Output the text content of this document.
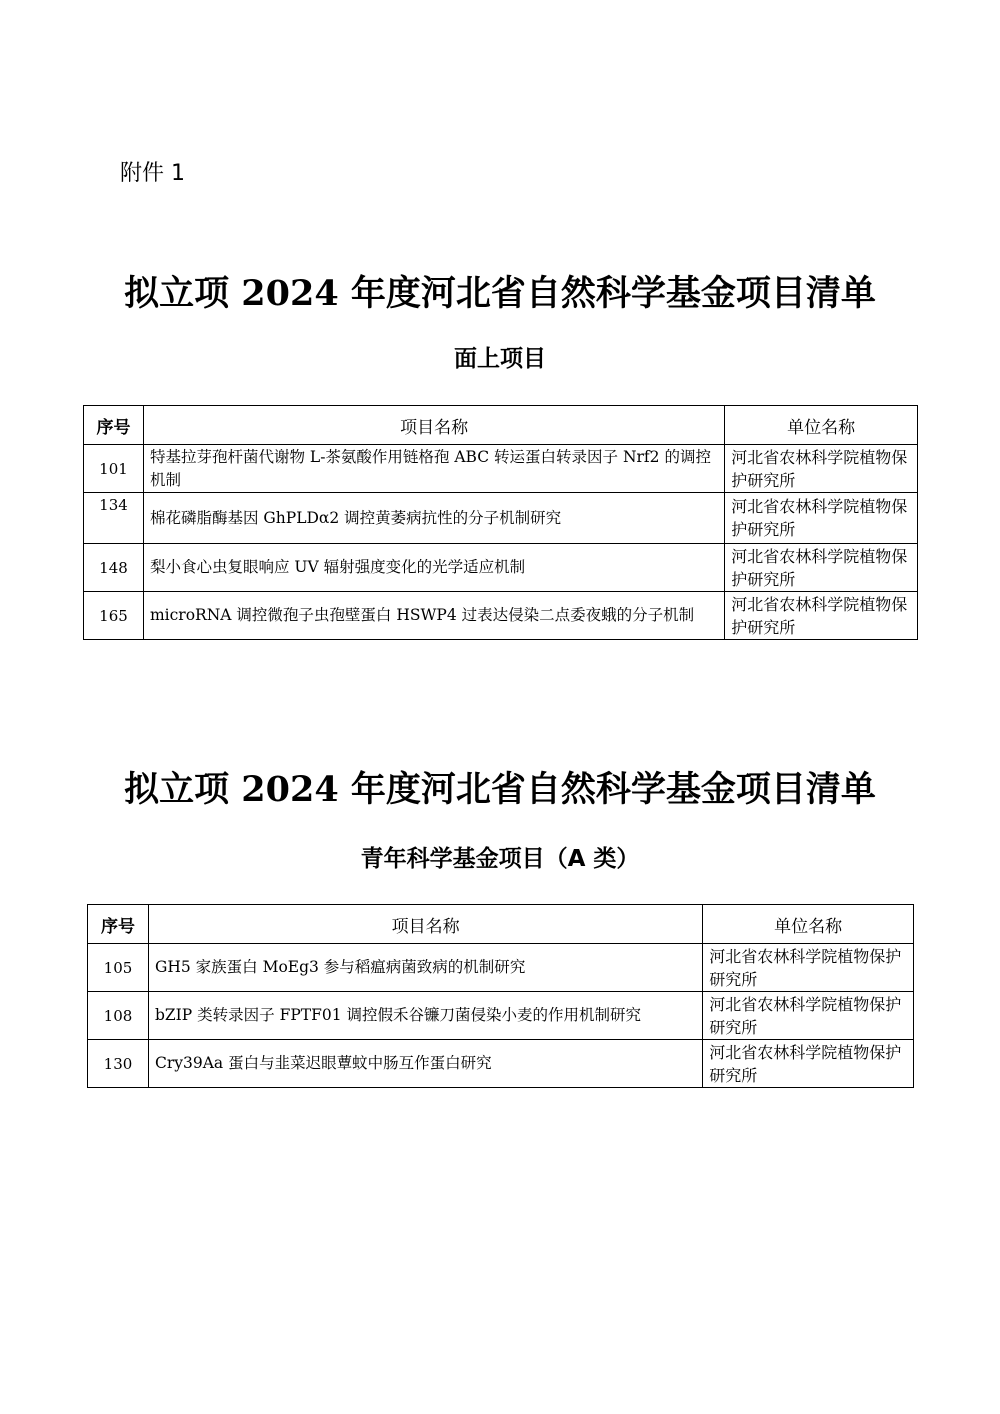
附件 1
拟立项 2024 年度河北省自然科学基金项目清单
面上项目
序号	项目名称	单位名称
101	特基拉芽孢杆菌代谢物 L-茶氨酸作用链格孢 ABC 转运蛋白转录因子 Nrf2 的调控机制	河北省农林科学院植物保护研究所
134	棉花磷脂酶基因 GhPLDα2 调控黄萎病抗性的分子机制研究	河北省农林科学院植物保护研究所
148	梨小食心虫复眼响应 UV 辐射强度变化的光学适应机制	河北省农林科学院植物保护研究所
165	microRNA 调控微孢子虫孢壁蛋白 HSWP4 过表达侵染二点委夜蛾的分子机制	河北省农林科学院植物保护研究所
拟立项 2024 年度河北省自然科学基金项目清单
青年科学基金项目（A 类）
序号	项目名称	单位名称
105	GH5 家族蛋白 MoEg3 参与稻瘟病菌致病的机制研究	河北省农林科学院植物保护研究所
108	bZIP 类转录因子 FPTF01 调控假禾谷镰刀菌侵染小麦的作用机制研究	河北省农林科学院植物保护研究所
130	Cry39Aa 蛋白与韭菜迟眼蕈蚊中肠互作蛋白研究	河北省农林科学院植物保护研究所
